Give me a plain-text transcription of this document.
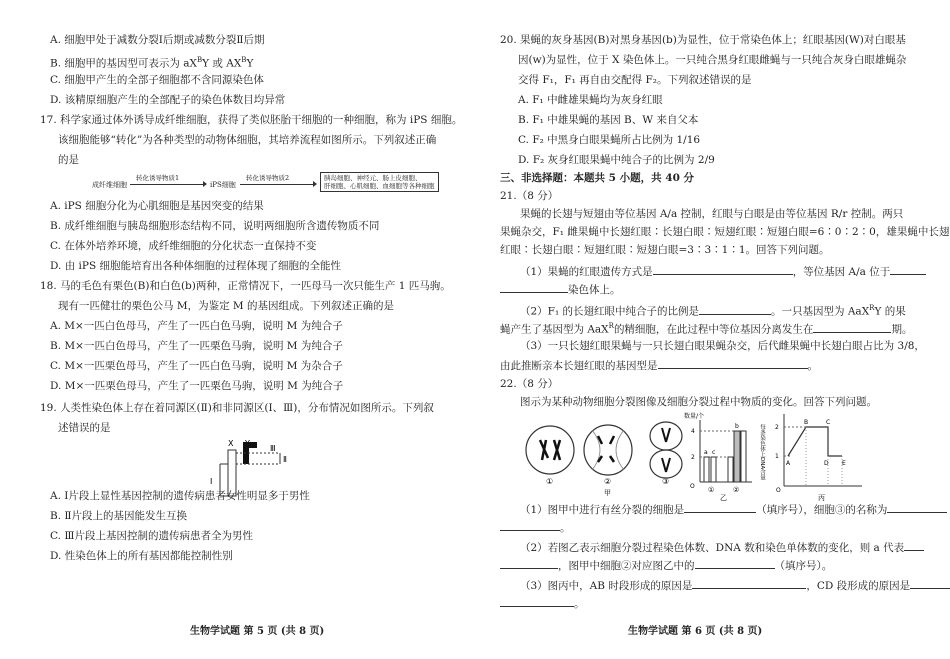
A. 细胞甲处于减数分裂Ⅰ后期或减数分裂Ⅱ后期
B. 细胞甲的基因型可表示为 $aX^BY$ 或 $AX^BY$
C. 细胞甲产生的全部子细胞都不含同源染色体
D. 该精原细胞产生的全部配子的染色体数目均异常
17. 科学家通过体外诱导成纤维细胞，获得了类似胚胎干细胞的一种细胞，称为 iPS 细胞。
该细胞能够“转化”为各种类型的动物体细胞，其培养流程如图所示。下列叙述正确
的是
成纤维细胞
转化诱导物质1
iPS细胞
转化诱导物质2	胰岛细胞、神经元、肠上皮细胞、
肝细胞、心肌细胞、血细胞等各种细胞
A. iPS 细胞分化为心肌细胞是基因突变的结果
B. 成纤维细胞与胰岛细胞形态结构不同，说明两细胞所含遗传物质不同
C. 在体外培养环境，成纤维细胞的分化状态一直保持不变
D. 由 iPS 细胞能培育出各种体细胞的过程体现了细胞的全能性
18. 马的毛色有栗色(B)和白色(b)两种，正常情况下，一匹母马一次只能生产 1 匹马驹。
现有一匹健壮的栗色公马 M，为鉴定 M 的基因组成。下列叙述正确的是
A. M×一匹白色母马，产生了一匹白色马驹，说明 M 为纯合子
B. M×一匹白色母马，产生了一匹栗色马驹，说明 M 为纯合子
C. M×一匹栗色母马，产生了一匹白色马驹，说明 M 为杂合子
D. M×一匹栗色母马，产生了一匹栗色马驹，说明 M 为纯合子
19. 人类性染色体上存在着同源区(Ⅱ)和非同源区(Ⅰ、Ⅲ)，分布情况如图所示。下列叙
述错误的是
X
Ⅰ
Ⅲ
Ⅱ
A. Ⅰ片段上显性基因控制的遗传病患者女性明显多于男性
B. Ⅱ片段上的基因能发生互换
C. Ⅲ片段上基因控制的遗传病患者全为男性
D. 性染色体上的所有基因都能控制性别
生物学试题 第 5 页 (共 8 页)
20. 果蝇的灰身基因(B)对黑身基因(b)为显性，位于常染色体上；红眼基因(W)对白眼基
因(w)为显性，位于 X 染色体上。一只纯合黑身红眼雌蝇与一只纯合灰身白眼雄蝇杂
交得 F₁，F₁ 再自由交配得 F₂。下列叙述错误的是
A. F₁ 中雌雄果蝇均为灰身红眼
B. F₁ 中雄果蝇的基因 B、W 来自父本
C. F₂ 中黑身白眼果蝇所占比例为 1/16
D. F₂ 灰身红眼果蝇中纯合子的比例为 2/9
三、非选择题：本题共 5 小题，共 40 分
21.（8 分）
果蝇的长翅与短翅由等位基因 A/a 控制，红眼与白眼是由等位基因 R/r 控制。两只
果蝇杂交，F₁ 雌果蝇中长翅红眼∶长翅白眼∶短翅红眼∶短翅白眼=6∶0∶2∶0，雄果蝇中长翅
红眼∶长翅白眼∶短翅红眼∶短翅白眼=3∶3∶1∶1。回答下列问题。
（1）果蝇的红眼遗传方式是	，等位基因 A/a 位于
染色体上。
（2）F₁ 的长翅红眼中纯合子的比例是	。一只基因型为 AaX$^R$Y 的果
蝇产生了基因型为 AaX$^R$的精细胞，在此过程中等位基因分离发生在	期。
（3）一只长翅红眼果蝇与一只长翅白眼果蝇杂交，后代雌果蝇中长翅白眼占比为 3/8，
由此推断亲本长翅红眼的基因型是	。
22.（8 分）
图示为某种动物细胞分裂图像及细胞分裂过程中物质的变化。回答下列问题。
①	②	③
甲
数量/个
4
2
O
a c
b
①	②
乙
每条染色体上DNA含量 2
1
A
B	C
D E
O
丙
（1）图甲中进行有丝分裂的细胞是	（填序号），细胞③的名称为
。
（2）若图乙表示细胞分裂过程染色体数、DNA 数和染色单体数的变化，则 a 代表
，图甲中细胞②对应图乙中的	（填序号）。
（3）图丙中，AB 时段形成的原因是	，CD 段形成的原因是
。
生物学试题 第 6 页 (共 8 页)
